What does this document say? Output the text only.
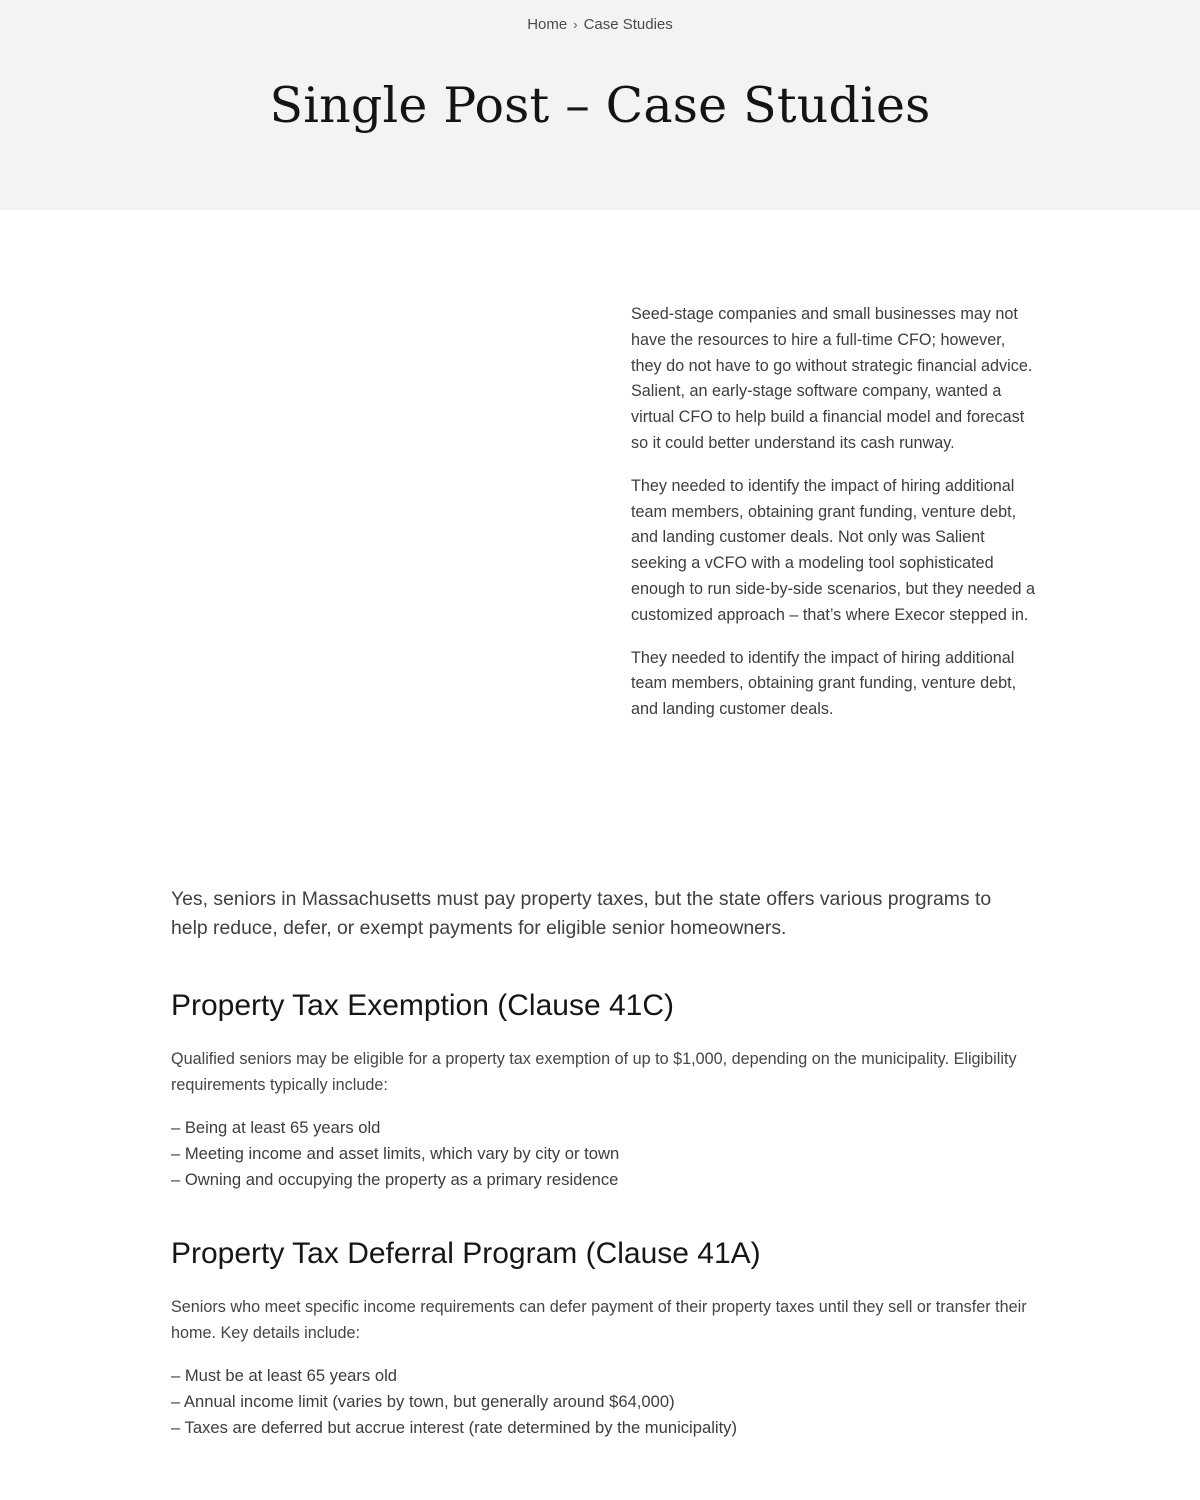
Home › Case Studies
Single Post – Case Studies

Seed-stage companies and small businesses may not have the resources to hire a full-time CFO; however, they do not have to go without strategic financial advice. Salient, an early-stage software company, wanted a virtual CFO to help build a financial model and forecast so it could better understand its cash runway.

They needed to identify the impact of hiring additional team members, obtaining grant funding, venture debt, and landing customer deals. Not only was Salient seeking a vCFO with a modeling tool sophisticated enough to run side-by-side scenarios, but they needed a customized approach – that’s where Execor stepped in.

They needed to identify the impact of hiring additional team members, obtaining grant funding, venture debt, and landing customer deals.

Yes, seniors in Massachusetts must pay property taxes, but the state offers various programs to help reduce, defer, or exempt payments for eligible senior homeowners.

Property Tax Exemption (Clause 41C)

Qualified seniors may be eligible for a property tax exemption of up to $1,000, depending on the municipality. Eligibility requirements typically include:

– Being at least 65 years old
– Meeting income and asset limits, which vary by city or town
– Owning and occupying the property as a primary residence
Property Tax Deferral Program (Clause 41A)

Seniors who meet specific income requirements can defer payment of their property taxes until they sell or transfer their home. Key details include:

– Must be at least 65 years old
– Annual income limit (varies by town, but generally around $64,000)
– Taxes are deferred but accrue interest (rate determined by the municipality)
